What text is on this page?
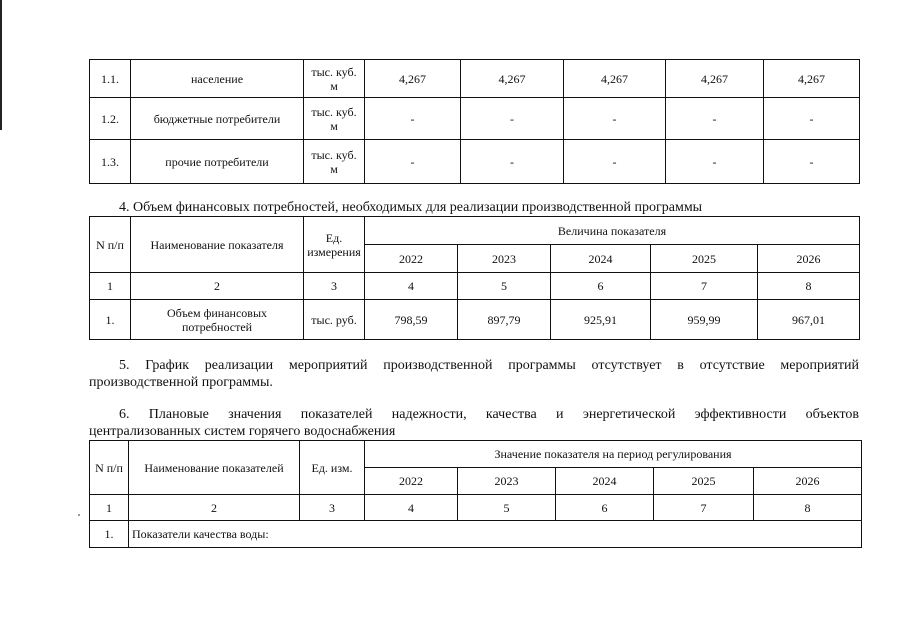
1.1.	население	тыс. куб. м	4,267	4,267	4,267	4,267	4,267
1.2.	бюджетные потребители	тыс. куб. м	-	-	-	-	-
1.3.	прочие потребители	тыс. куб. м	-	-	-	-	-
4. Объем финансовых потребностей, необходимых для реализации производственной программы
N п/п	Наименование показателя	Ед. измерения	Величина показателя				
			2022	2023	2024	2025	2026
1	2	3	4	5	6	7	8
1.	Объем финансовых потребностей	тыс. руб.	798,59	897,79	925,91	959,99	967,01
5. График реализации мероприятий производственной программы отсутствует в отсутствие мероприятий производственной программы.
6. Плановые значения показателей надежности, качества и энергетической эффективности объектов
централизованных систем горячего водоснабжения
N п/п	Наименование показателей	Ед. изм.	Значение показателя на период регулирования				
			2022	2023	2024	2025	2026
1	2	3	4	5	6	7	8
1.	Показатели качества воды:						
